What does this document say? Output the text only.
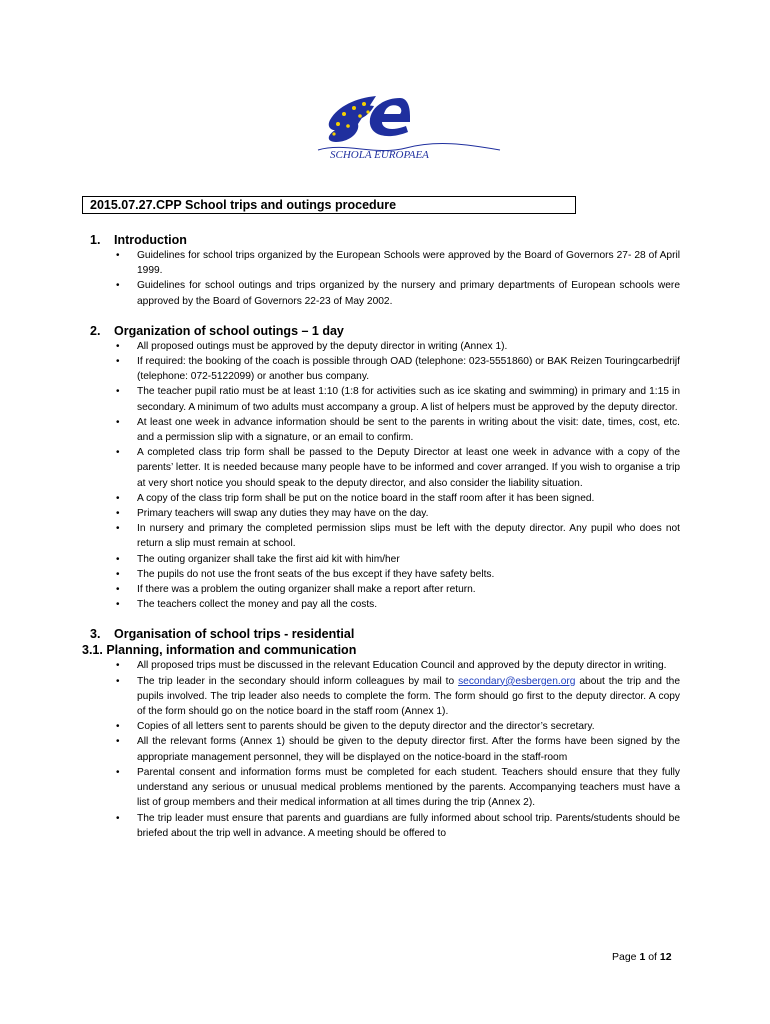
SCHOLA EUROPAEA
2015.07.27.CPP School trips and outings procedure
1. Introduction
• Guidelines for school trips organized by the European Schools were approved by the Board of Governors 27- 28 of April 1999.
• Guidelines for school outings and trips organized by the nursery and primary departments of European schools were approved by the Board of Governors 22-23 of May 2002.
2. Organization of school outings – 1 day
• All proposed outings must be approved by the deputy director in writing (Annex 1).
• If required: the booking of the coach is possible through OAD (telephone: 023-5551860) or BAK Reizen Touringcarbedrijf (telephone: 072-5122099) or another bus company.
• The teacher pupil ratio must be at least 1:10 (1:8 for activities such as ice skating and swimming) in primary and 1:15 in secondary. A minimum of two adults must accompany a group. A list of helpers must be approved by the deputy director.
• At least one week in advance information should be sent to the parents in writing about the visit: date, times, cost, etc. and a permission slip with a signature, or an email to confirm.
• A completed class trip form shall be passed to the Deputy Director at least one week in advance with a copy of the parents’ letter. It is needed because many people have to be informed and cover arranged. If you wish to organise a trip at very short notice you should speak to the deputy director, and also consider the liability situation.
• A copy of the class trip form shall be put on the notice board in the staff room after it has been signed.
• Primary teachers will swap any duties they may have on the day.
• In nursery and primary the completed permission slips must be left with the deputy director. Any pupil who does not return a slip must remain at school.
• The outing organizer shall take the first aid kit with him/her
• The pupils do not use the front seats of the bus except if they have safety belts.
• If there was a problem the outing organizer shall make a report after return.
• The teachers collect the money and pay all the costs.
3. Organisation of school trips - residential
3.1. Planning, information and communication
• All proposed trips must be discussed in the relevant Education Council and approved by the deputy director in writing.
• The trip leader in the secondary should inform colleagues by mail to secondary@esbergen.org about the trip and the pupils involved. The trip leader also needs to complete the form. The form should go first to the deputy director. A copy of the form should go on the notice board in the staff room (Annex 1).
• Copies of all letters sent to parents should be given to the deputy director and the director’s secretary.
• All the relevant forms (Annex 1) should be given to the deputy director first. After the forms have been signed by the appropriate management personnel, they will be displayed on the notice-board in the staff-room
• Parental consent and information forms must be completed for each student. Teachers should ensure that they fully understand any serious or unusual medical problems mentioned by the parents. Accompanying teachers must have a list of group members and their medical information at all times during the trip (Annex 2).
• The trip leader must ensure that parents and guardians are fully informed about school trip. Parents/students should be briefed about the trip well in advance. A meeting should be offered to
Page 1 of 12
